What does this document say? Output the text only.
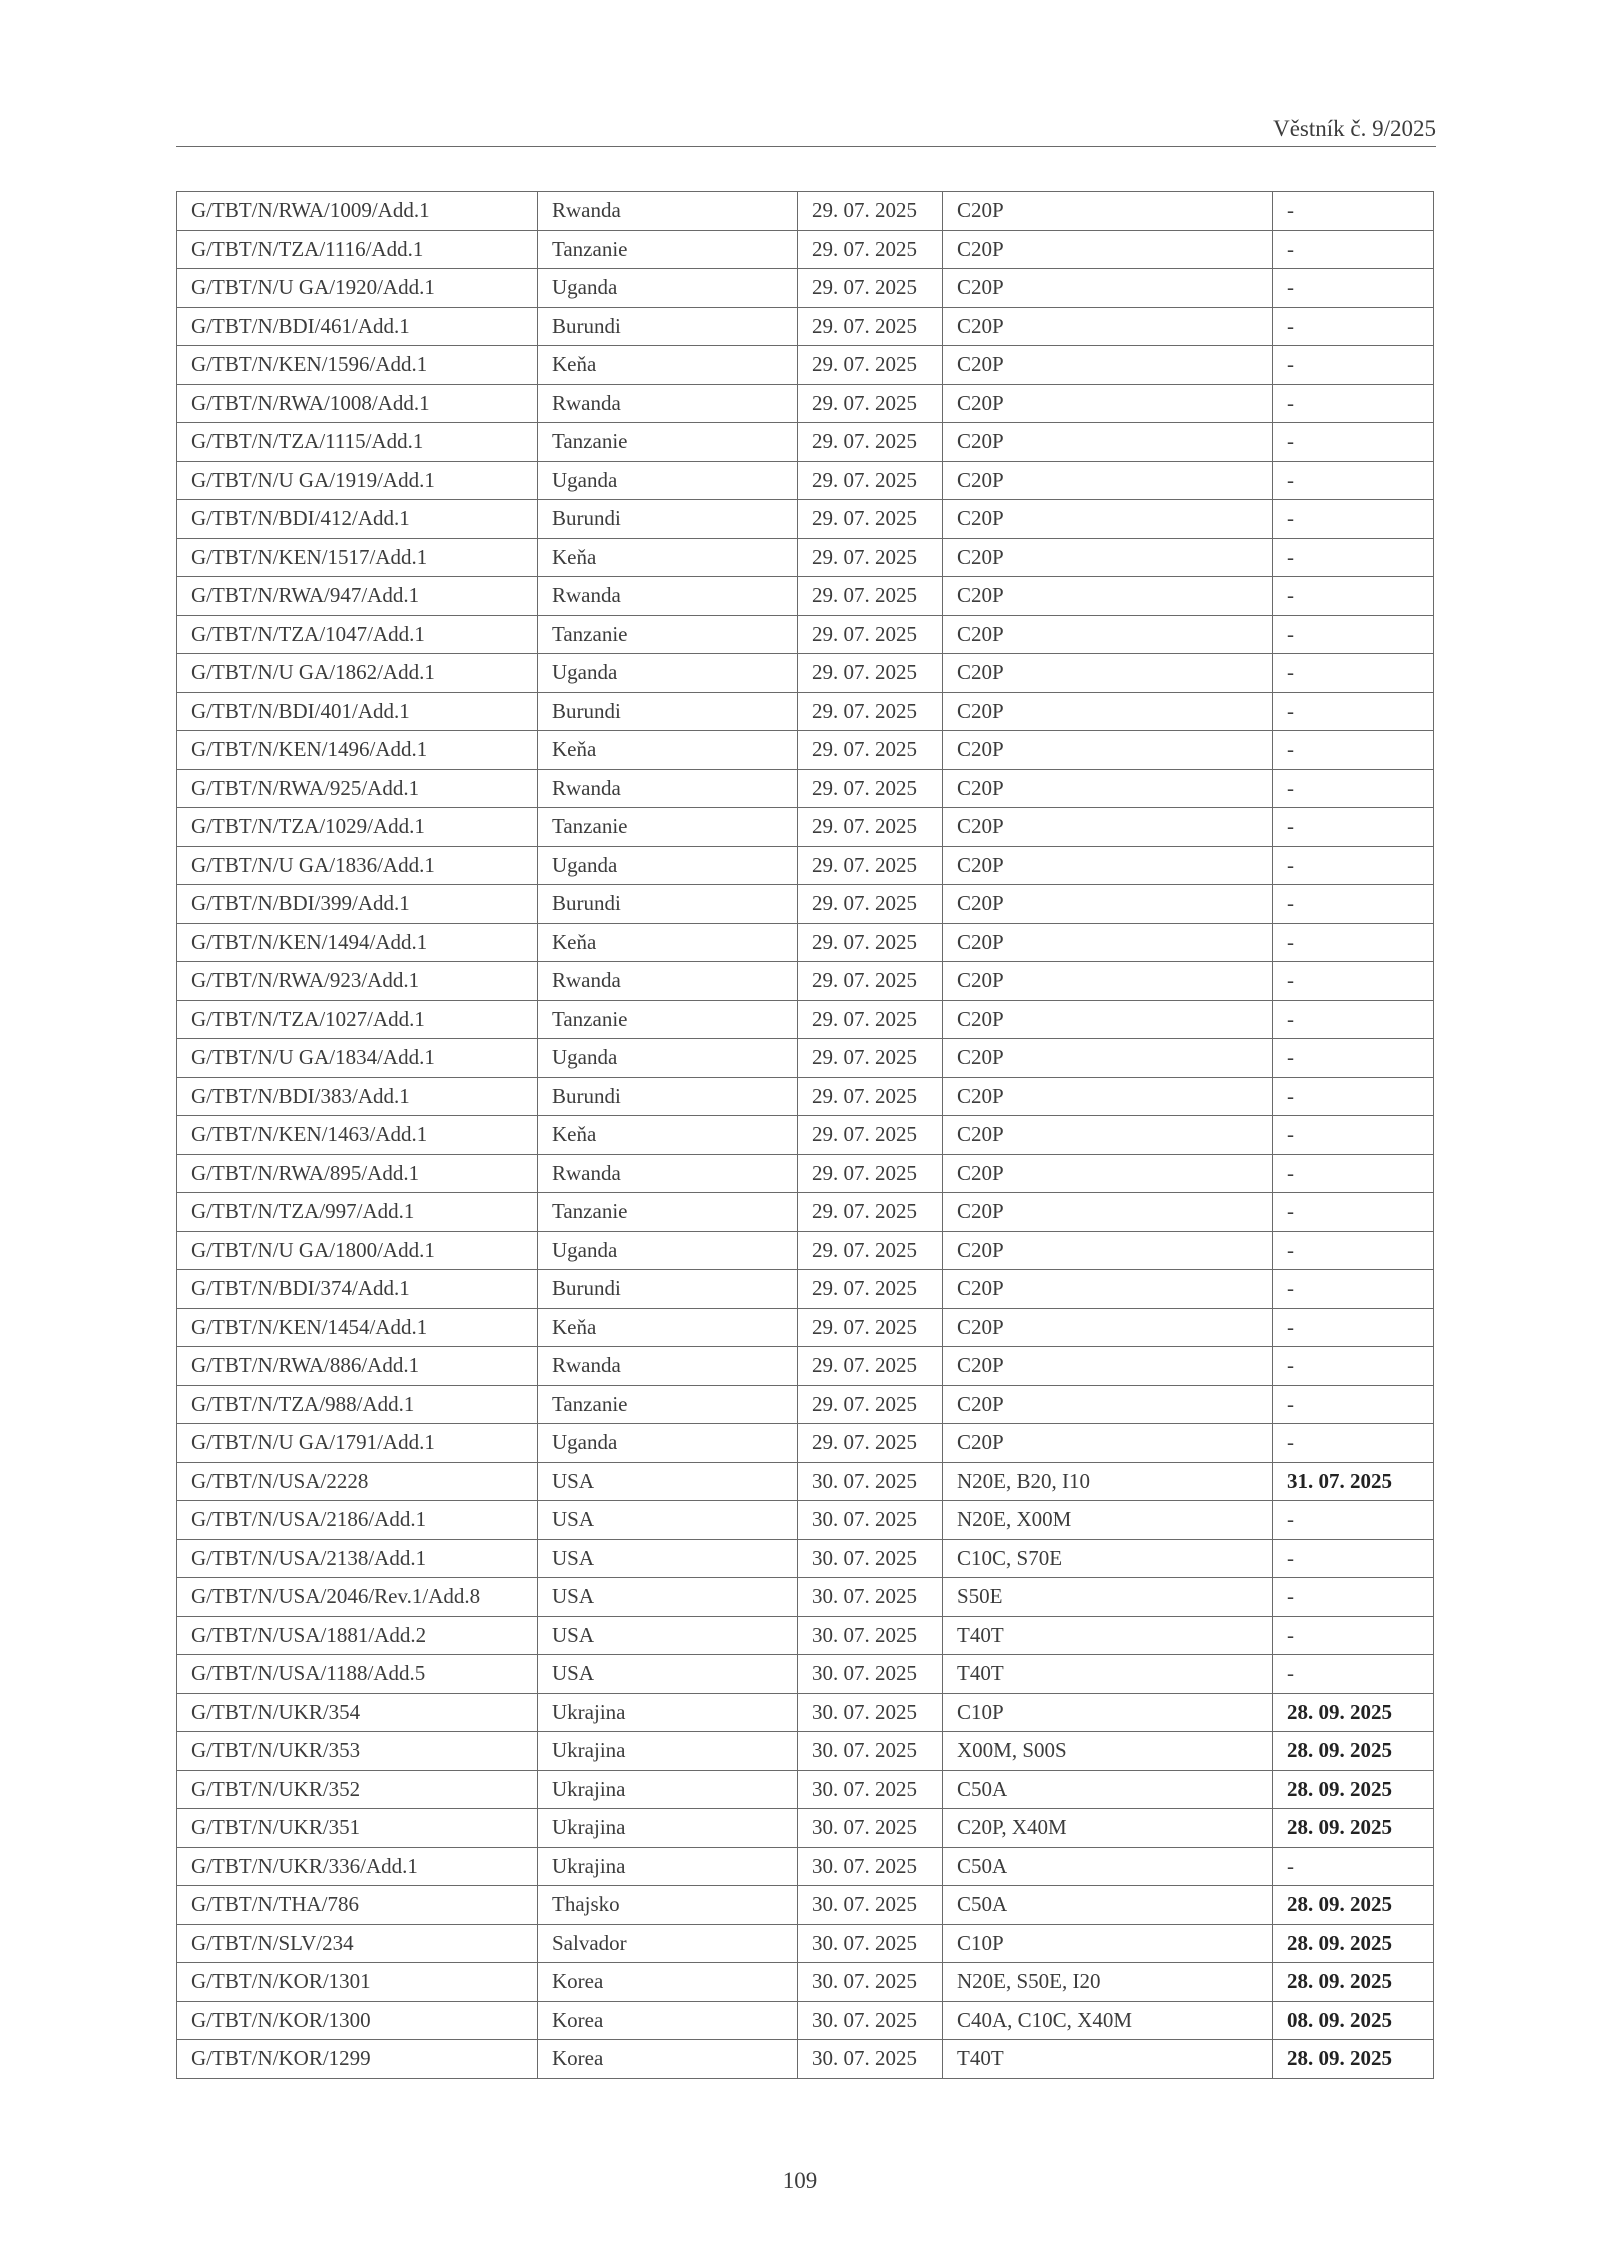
Věstník č. 9/2025
G/TBT/N/RWA/1009/Add.1	Rwanda	29. 07. 2025	C20P	-
G/TBT/N/TZA/1116/Add.1	Tanzanie	29. 07. 2025	C20P	-
G/TBT/N/U GA/1920/Add.1	Uganda	29. 07. 2025	C20P	-
G/TBT/N/BDI/461/Add.1	Burundi	29. 07. 2025	C20P	-
G/TBT/N/KEN/1596/Add.1	Keňa	29. 07. 2025	C20P	-
G/TBT/N/RWA/1008/Add.1	Rwanda	29. 07. 2025	C20P	-
G/TBT/N/TZA/1115/Add.1	Tanzanie	29. 07. 2025	C20P	-
G/TBT/N/U GA/1919/Add.1	Uganda	29. 07. 2025	C20P	-
G/TBT/N/BDI/412/Add.1	Burundi	29. 07. 2025	C20P	-
G/TBT/N/KEN/1517/Add.1	Keňa	29. 07. 2025	C20P	-
G/TBT/N/RWA/947/Add.1	Rwanda	29. 07. 2025	C20P	-
G/TBT/N/TZA/1047/Add.1	Tanzanie	29. 07. 2025	C20P	-
G/TBT/N/U GA/1862/Add.1	Uganda	29. 07. 2025	C20P	-
G/TBT/N/BDI/401/Add.1	Burundi	29. 07. 2025	C20P	-
G/TBT/N/KEN/1496/Add.1	Keňa	29. 07. 2025	C20P	-
G/TBT/N/RWA/925/Add.1	Rwanda	29. 07. 2025	C20P	-
G/TBT/N/TZA/1029/Add.1	Tanzanie	29. 07. 2025	C20P	-
G/TBT/N/U GA/1836/Add.1	Uganda	29. 07. 2025	C20P	-
G/TBT/N/BDI/399/Add.1	Burundi	29. 07. 2025	C20P	-
G/TBT/N/KEN/1494/Add.1	Keňa	29. 07. 2025	C20P	-
G/TBT/N/RWA/923/Add.1	Rwanda	29. 07. 2025	C20P	-
G/TBT/N/TZA/1027/Add.1	Tanzanie	29. 07. 2025	C20P	-
G/TBT/N/U GA/1834/Add.1	Uganda	29. 07. 2025	C20P	-
G/TBT/N/BDI/383/Add.1	Burundi	29. 07. 2025	C20P	-
G/TBT/N/KEN/1463/Add.1	Keňa	29. 07. 2025	C20P	-
G/TBT/N/RWA/895/Add.1	Rwanda	29. 07. 2025	C20P	-
G/TBT/N/TZA/997/Add.1	Tanzanie	29. 07. 2025	C20P	-
G/TBT/N/U GA/1800/Add.1	Uganda	29. 07. 2025	C20P	-
G/TBT/N/BDI/374/Add.1	Burundi	29. 07. 2025	C20P	-
G/TBT/N/KEN/1454/Add.1	Keňa	29. 07. 2025	C20P	-
G/TBT/N/RWA/886/Add.1	Rwanda	29. 07. 2025	C20P	-
G/TBT/N/TZA/988/Add.1	Tanzanie	29. 07. 2025	C20P	-
G/TBT/N/U GA/1791/Add.1	Uganda	29. 07. 2025	C20P	-
G/TBT/N/USA/2228	USA	30. 07. 2025	N20E, B20, I10	31. 07. 2025
G/TBT/N/USA/2186/Add.1	USA	30. 07. 2025	N20E, X00M	-
G/TBT/N/USA/2138/Add.1	USA	30. 07. 2025	C10C, S70E	-
G/TBT/N/USA/2046/Rev.1/Add.8	USA	30. 07. 2025	S50E	-
G/TBT/N/USA/1881/Add.2	USA	30. 07. 2025	T40T	-
G/TBT/N/USA/1188/Add.5	USA	30. 07. 2025	T40T	-
G/TBT/N/UKR/354	Ukrajina	30. 07. 2025	C10P	28. 09. 2025
G/TBT/N/UKR/353	Ukrajina	30. 07. 2025	X00M, S00S	28. 09. 2025
G/TBT/N/UKR/352	Ukrajina	30. 07. 2025	C50A	28. 09. 2025
G/TBT/N/UKR/351	Ukrajina	30. 07. 2025	C20P, X40M	28. 09. 2025
G/TBT/N/UKR/336/Add.1	Ukrajina	30. 07. 2025	C50A	-
G/TBT/N/THA/786	Thajsko	30. 07. 2025	C50A	28. 09. 2025
G/TBT/N/SLV/234	Salvador	30. 07. 2025	C10P	28. 09. 2025
G/TBT/N/KOR/1301	Korea	30. 07. 2025	N20E, S50E, I20	28. 09. 2025
G/TBT/N/KOR/1300	Korea	30. 07. 2025	C40A, C10C, X40M	08. 09. 2025
G/TBT/N/KOR/1299	Korea	30. 07. 2025	T40T	28. 09. 2025
109
